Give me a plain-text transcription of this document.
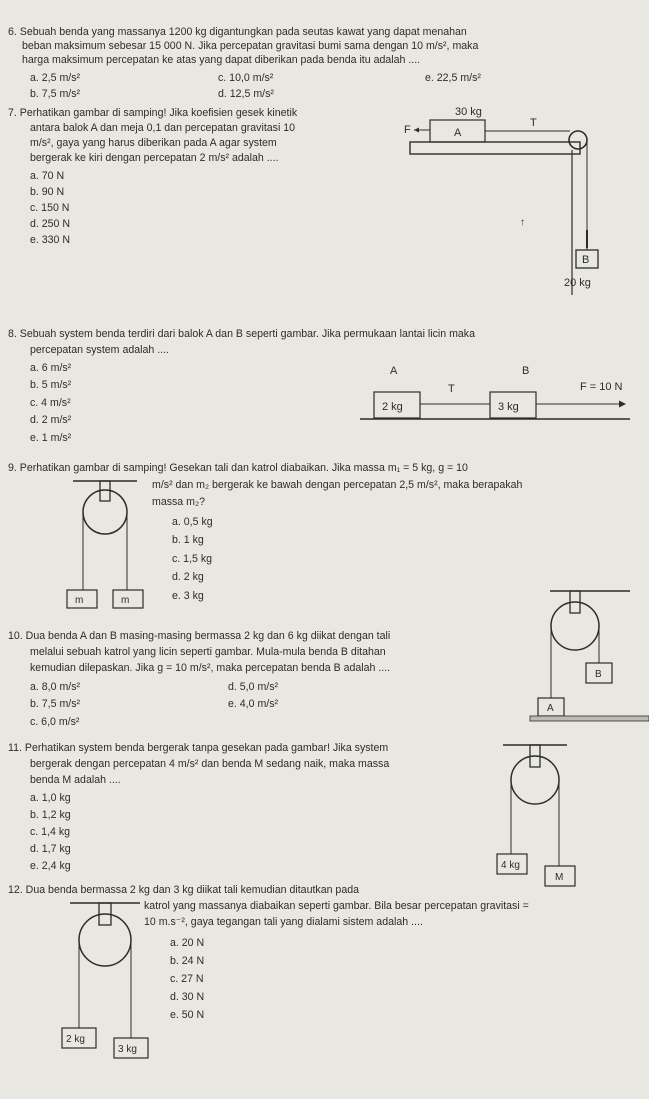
6. Sebuah benda yang massanya 1200 kg digantungkan pada seutas kawat yang dapat menahan
beban maksimum sebesar 15 000 N. Jika percepatan gravitasi bumi sama dengan 10 m/s², maka
harga maksimum percepatan ke atas yang dapat diberikan pada benda itu adalah ....
a. 2,5 m/s²	c. 10,0 m/s²	e. 22,5 m/s²
b. 7,5 m/s²	d. 12,5 m/s²
7. Perhatikan gambar di samping! Jika koefisien gesek kinetik
antara balok A dan meja 0,1 dan percepatan gravitasi 10
m/s², gaya yang harus diberikan pada A agar system
bergerak ke kiri dengan percepatan 2 m/s² adalah ....
a. 70 N
b. 90 N
c. 150 N
d. 250 N
e. 330 N
30 kg
T
F	A
↑
B
20 kg
8. Sebuah system benda terdiri dari balok A dan B seperti gambar. Jika permukaan lantai licin maka
percepatan system adalah ....
a. 6 m/s²
b. 5 m/s²
c. 4 m/s²
d. 2 m/s²
e. 1 m/s²
A	B
T	F = 10 N
2 kg	3 kg
9. Perhatikan gambar di samping! Gesekan tali dan katrol diabaikan. Jika massa m₁ = 5 kg, g = 10
m/s² dan m₂ bergerak ke bawah dengan percepatan 2,5 m/s², maka berapakah
massa m₂?
a. 0,5 kg
b. 1 kg
c. 1,5 kg
d. 2 kg
e. 3 kg
m	m
10. Dua benda A dan B masing-masing bermassa 2 kg dan 6 kg diikat dengan tali
melalui sebuah katrol yang licin seperti gambar. Mula-mula benda B ditahan
kemudian dilepaskan. Jika g = 10 m/s², maka percepatan benda B adalah ....
a. 8,0 m/s²	d. 5,0 m/s²
b. 7,5 m/s²	e. 4,0 m/s²
c. 6,0 m/s²
B
A
11. Perhatikan system benda bergerak tanpa gesekan pada gambar! Jika system
bergerak dengan percepatan 4 m/s² dan benda M sedang naik, maka massa
benda M adalah ....
a. 1,0 kg
b. 1,2 kg
c. 1,4 kg
d. 1,7 kg
e. 2,4 kg	4 kg
M
12. Dua benda bermassa 2 kg dan 3 kg diikat tali kemudian ditautkan pada
katrol yang massanya diabaikan seperti gambar. Bila besar percepatan gravitasi =
10 m.s⁻², gaya tegangan tali yang dialami sistem adalah ....
a. 20 N
b. 24 N
c. 27 N
d. 30 N
e. 50 N
2 kg
3 kg
